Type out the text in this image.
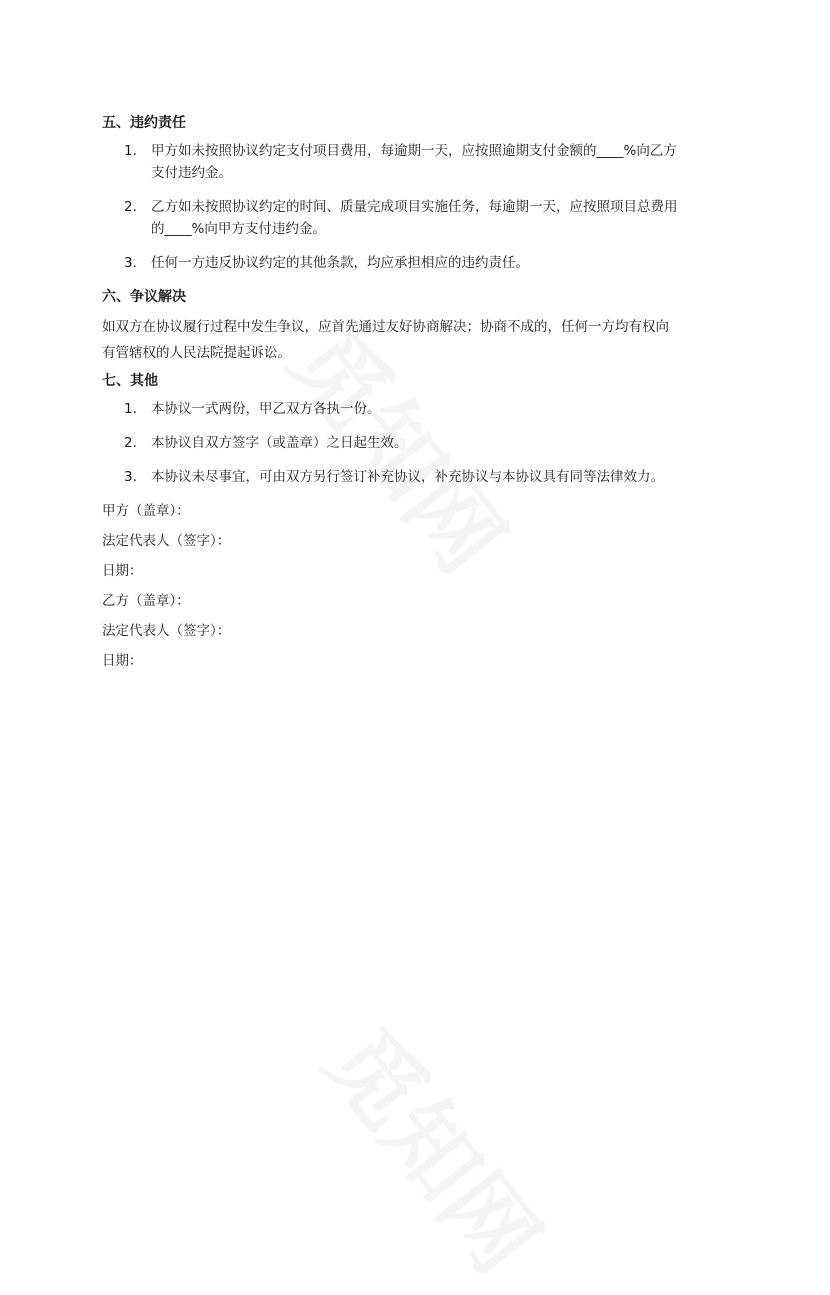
五、违约责任
1. 甲方如未按照协议约定支付项目费用，每逾期一天，应按照逾期支付金额的____%向乙方
支付违约金。
2. 乙方如未按照协议约定的时间、质量完成项目实施任务，每逾期一天，应按照项目总费用
的____%向甲方支付违约金。
3. 任何一方违反协议约定的其他条款，均应承担相应的违约责任。
六、争议解决
如双方在协议履行过程中发生争议，应首先通过友好协商解决；协商不成的，任何一方均有权向
有管辖权的人民法院提起诉讼。
七、其他
1. 本协议一式两份，甲乙双方各执一份。
2. 本协议自双方签字（或盖章）之日起生效。
3. 本协议未尽事宜，可由双方另行签订补充协议，补充协议与本协议具有同等法律效力。
甲方（盖章）：
法定代表人（签字）：
日期：
乙方（盖章）：
法定代表人（签字）：
日期：
